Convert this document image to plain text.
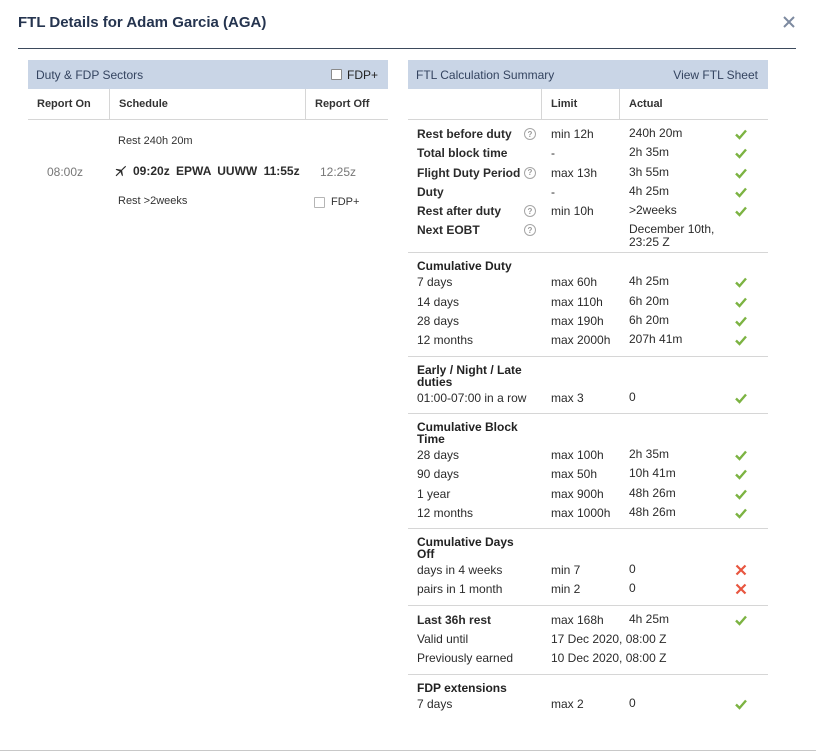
FTL Details for Adam Garcia (AGA)
Duty & FDP Sectors	FDP+
Report On	Schedule	Report Off
Rest 240h 20m
08:00z	09:20z EPWA UUWW 11:55z 12:25z
Rest >2weeks	FDP+
FTL Calculation Summary	View FTL Sheet
Limit	Actual
Rest before duty	?	min 12h	240h 20m
Total block time	-	2h 35m
Flight Duty Period ?	max 13h	3h 55m
Duty	-	4h 25m
Rest after duty	?	min 10h	>2weeks
Next EOBT	?	December 10th, 23:25 Z
Cumulative Duty
7 days	max 60h	4h 25m
14 days	max 110h	6h 20m
28 days	max 190h	6h 20m
12 months	max 2000h	207h 41m
Early / Night / Late duties
01:00-07:00 in a row	max 3	0
Cumulative Block Time
28 days	max 100h	2h 35m
90 days	max 50h	10h 41m
1 year	max 900h	48h 26m
12 months	max 1000h	48h 26m
Cumulative Days Off
days in 4 weeks	min 7	0
pairs in 1 month	min 2	0
Last 36h rest	max 168h	4h 25m
Valid until	17 Dec 2020, 08:00 Z
Previously earned	10 Dec 2020, 08:00 Z
FDP extensions
7 days	max 2	0
